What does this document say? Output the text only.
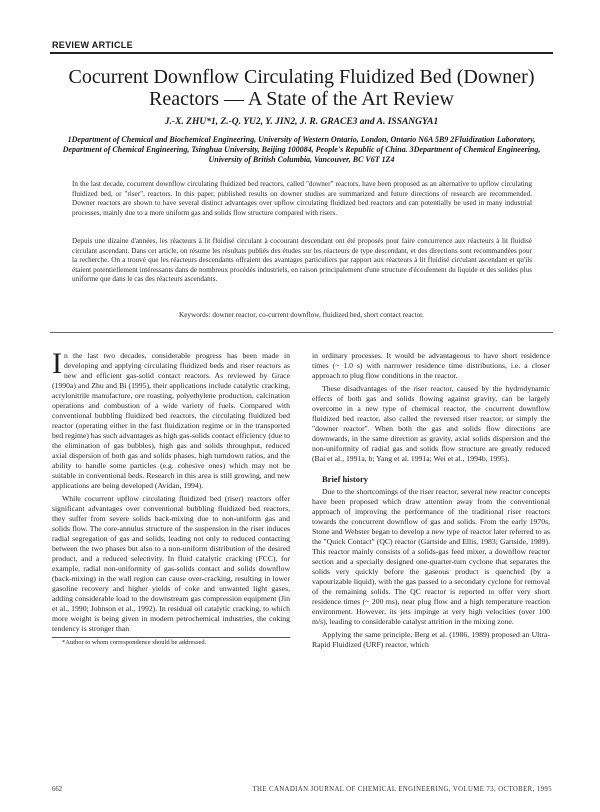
REVIEW ARTICLE
Cocurrent Downflow Circulating Fluidized Bed (Downer) Reactors — A State of the Art Review
J.-X. ZHU*1, Z.-Q. YU2, Y. JIN2, J. R. GRACE3 and A. ISSANGYA1
1Department of Chemical and Biochemical Engineering, University of Western Ontario, London, Ontario N6A 5B9 2Fluidization Laboratory, Department of Chemical Engineering, Tsinghua University, Beijing 100084, People's Republic of China. 3Department of Chemical Engineering, University of British Columbia, Vancouver, BC V6T 1Z4

In the last decade, cocurrent downflow circulating fluidized bed reactors, called "downer" reactors, have been proposed as an alternative to upflow circulating fluidized bed, or "riser", reactors. In this paper, published results on downer studies are summarized and future directions of research are recommended. Downer reactors are shown to have several distinct advantages over upflow circulating fluidized bed reactors and can potentially be used in many industrial processes, mainly due to a more uniform gas and solids flow structure compared with risers.

Depuis une dizaine d'années, les réacteurs à lit fluidisé circulant à cocourant descendant ont été proposés pour faire concurrence aux réacteurs à lit fluidisé circulant ascendant. Dans cet article, on résume les résultats publiés des études sur les réacteurs de type descendant, et des directions sont recommandées pour la recherche. On a trouvé que les réacteurs descendants offraient des avantages particuliers par rapport aux réacteurs à lit fluidisé circulant ascendant et qu'ils étaient potentiellement intéressants dans de nombreux procédés industriels, en raison principalement d'une structure d'écoulement du liquide et des solides plus uniforme que dans le cas des réacteurs ascendants.

Keywords: downer reactor, co-current downflow, fluidized bed, short contact reactor.

I n the last two decades, considerable progress has been made in developing and applying circulating fluidized beds and riser reactors as new and efficient gas-solid contact reactors. As reviewed by Grace (1990a) and Zhu and Bi (1995), their applications include catalytic cracking, acrylonitrile manufacture, ore roasting, polyethylene production, calcination operations and combustion of a wide variety of fuels. Compared with conventional bubbling fluidized bed reactors, the circulating fluidized bed reactor (operating either in the fast fluidization regime or in the transported bed regime) has such advantages as high gas-solids contact efficiency (due to the elimination of gas bubbles), high gas and solids throughput, reduced axial dispersion of both gas and solids phases, high turndown ratios, and the ability to handle some particles (e.g. cohesive ones) which may not be suitable in conventional beds. Research in this area is still growing, and new applications are being developed (Avidan, 1994).

While cocurrent upflow circulating fluidized bed (riser) reactors offer significant advantages over conventional bubbling fluidized bed reactors, they suffer from severe solids back-mixing due to non-uniform gas and solids flow. The core-annulus structure of the suspension in the riser induces radial segregation of gas and solids, leading not only to reduced contacting between the two phases but also to a non-uniform distribution of the desired product, and a reduced selectivity. In fluid catalytic cracking (FCC), for example, radial non-uniformity of gas-solids contact and solids downflow (back-mixing) in the wall region can cause over-cracking, resulting in lower gasoline recovery and higher yields of coke and unwanted light gases, adding considerable load to the downstream gas compression equipment (Jin et al., 1990; Johnson et al., 1992). In residual oil catalytic cracking, to which more weight is being given in modern petrochemical industries, the coking tendency is stronger than

*Author to whom correspondence should be addressed.

in ordinary processes. It would be advantageous to have short residence times (~ 1.0 s) with narrower residence time distributions, i.e. a closer approach to plug flow conditions in the reactor.

These disadvantages of the riser reactor, caused by the hydrodynamic effects of both gas and solids flowing against gravity, can be largely overcome in a new type of chemical reactor, the cocurrent downflow fluidized bed reactor, also called the reversed riser reactor, or simply the "downer reactor". When both the gas and solids flow directions are downwards, in the same direction as gravity, axial solids dispersion and the non-uniformity of radial gas and solids flow structure are greatly reduced (Bai et al., 1991a, b; Yang et al. 1991a; Wei et al., 1994b, 1995).

Brief history

Due to the shortcomings of the riser reactor, several new reactor concepts have been proposed which draw attention away from the conventional approach of improving the performance of the traditional riser reactors towards the concurrent downflow of gas and solids. From the early 1970s, Stone and Webster began to develop a new type of reactor later referred to as the "Quick Contact" (QC) reactor (Gartside and Ellis, 1983; Gartside, 1989). This reactor mainly consists of a solids-gas feed mixer, a downflow reactor section and a specially designed one-quarter-turn cyclone that separates the solids very quickly before the gaseous product is quenched (by a vapourizable liquid), with the gas passed to a secondary cyclone for removal of the remaining solids. The QC reactor is reported to offer very short residence times (~ 200 ms), near plug flow and a high temperature reaction environment. However, its jets impinge at very high velocities (over 100 m/s), leading to considerable catalyst attrition in the mixing zone.

Applying the same principle, Berg et al. (1986, 1989) proposed an Ultra-Rapid Fluidized (URF) reactor, which

662	THE CANADIAN JOURNAL OF CHEMICAL ENGINEERING, VOLUME 73, OCTOBER, 1995
